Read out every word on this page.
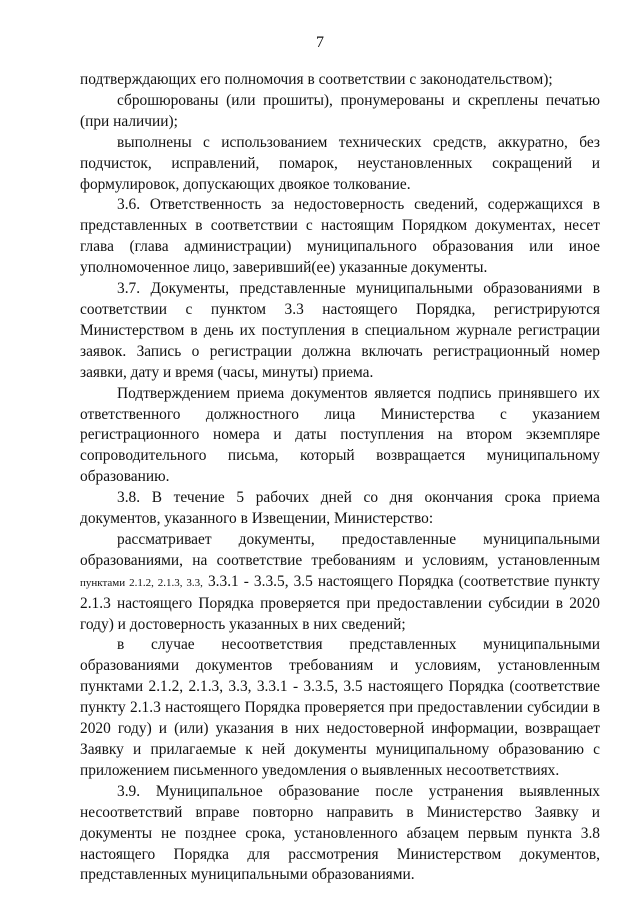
7

подтверждающих его полномочия в соответствии с законодательством);

сброшюрованы (или прошиты), пронумерованы и скреплены печатью (при наличии);

выполнены с использованием технических средств, аккуратно, без подчисток, исправлений, помарок, неустановленных сокращений и формулировок, допускающих двоякое толкование.

3.6. Ответственность за недостоверность сведений, содержащихся в представленных в соответствии с настоящим Порядком документах, несет глава (глава администрации) муниципального образования или иное уполномоченное лицо, заверивший(ее) указанные документы.

3.7. Документы, представленные муниципальными образованиями в соответствии с пунктом 3.3 настоящего Порядка, регистрируются Министерством в день их поступления в специальном журнале регистрации заявок. Запись о регистрации должна включать регистрационный номер заявки, дату и время (часы, минуты) приема.

Подтверждением приема документов является подпись принявшего их ответственного должностного лица Министерства с указанием регистрационного номера и даты поступления на втором экземпляре сопроводительного письма, который возвращается муниципальному образованию.

3.8. В течение 5 рабочих дней со дня окончания срока приема документов, указанного в Извещении, Министерство:

рассматривает документы, предоставленные муниципальными образованиями, на соответствие требованиям и условиям, установленным пунктами 2.1.2, 2.1.3, 3.3, 3.3.1 - 3.3.5, 3.5 настоящего Порядка (соответствие пункту 2.1.3 настоящего Порядка проверяется при предоставлении субсидии в 2020 году) и достоверность указанных в них сведений;

в случае несоответствия представленных муниципальными образованиями документов требованиям и условиям, установленным пунктами 2.1.2, 2.1.3, 3.3, 3.3.1 - 3.3.5, 3.5 настоящего Порядка (соответствие пункту 2.1.3 настоящего Порядка проверяется при предоставлении субсидии в 2020 году) и (или) указания в них недостоверной информации, возвращает Заявку и прилагаемые к ней документы муниципальному образованию с приложением письменного уведомления о выявленных несоответствиях.

3.9. Муниципальное образование после устранения выявленных несоответствий вправе повторно направить в Министерство Заявку и документы не позднее срока, установленного абзацем первым пункта 3.8 настоящего Порядка для рассмотрения Министерством документов, представленных муниципальными образованиями.
